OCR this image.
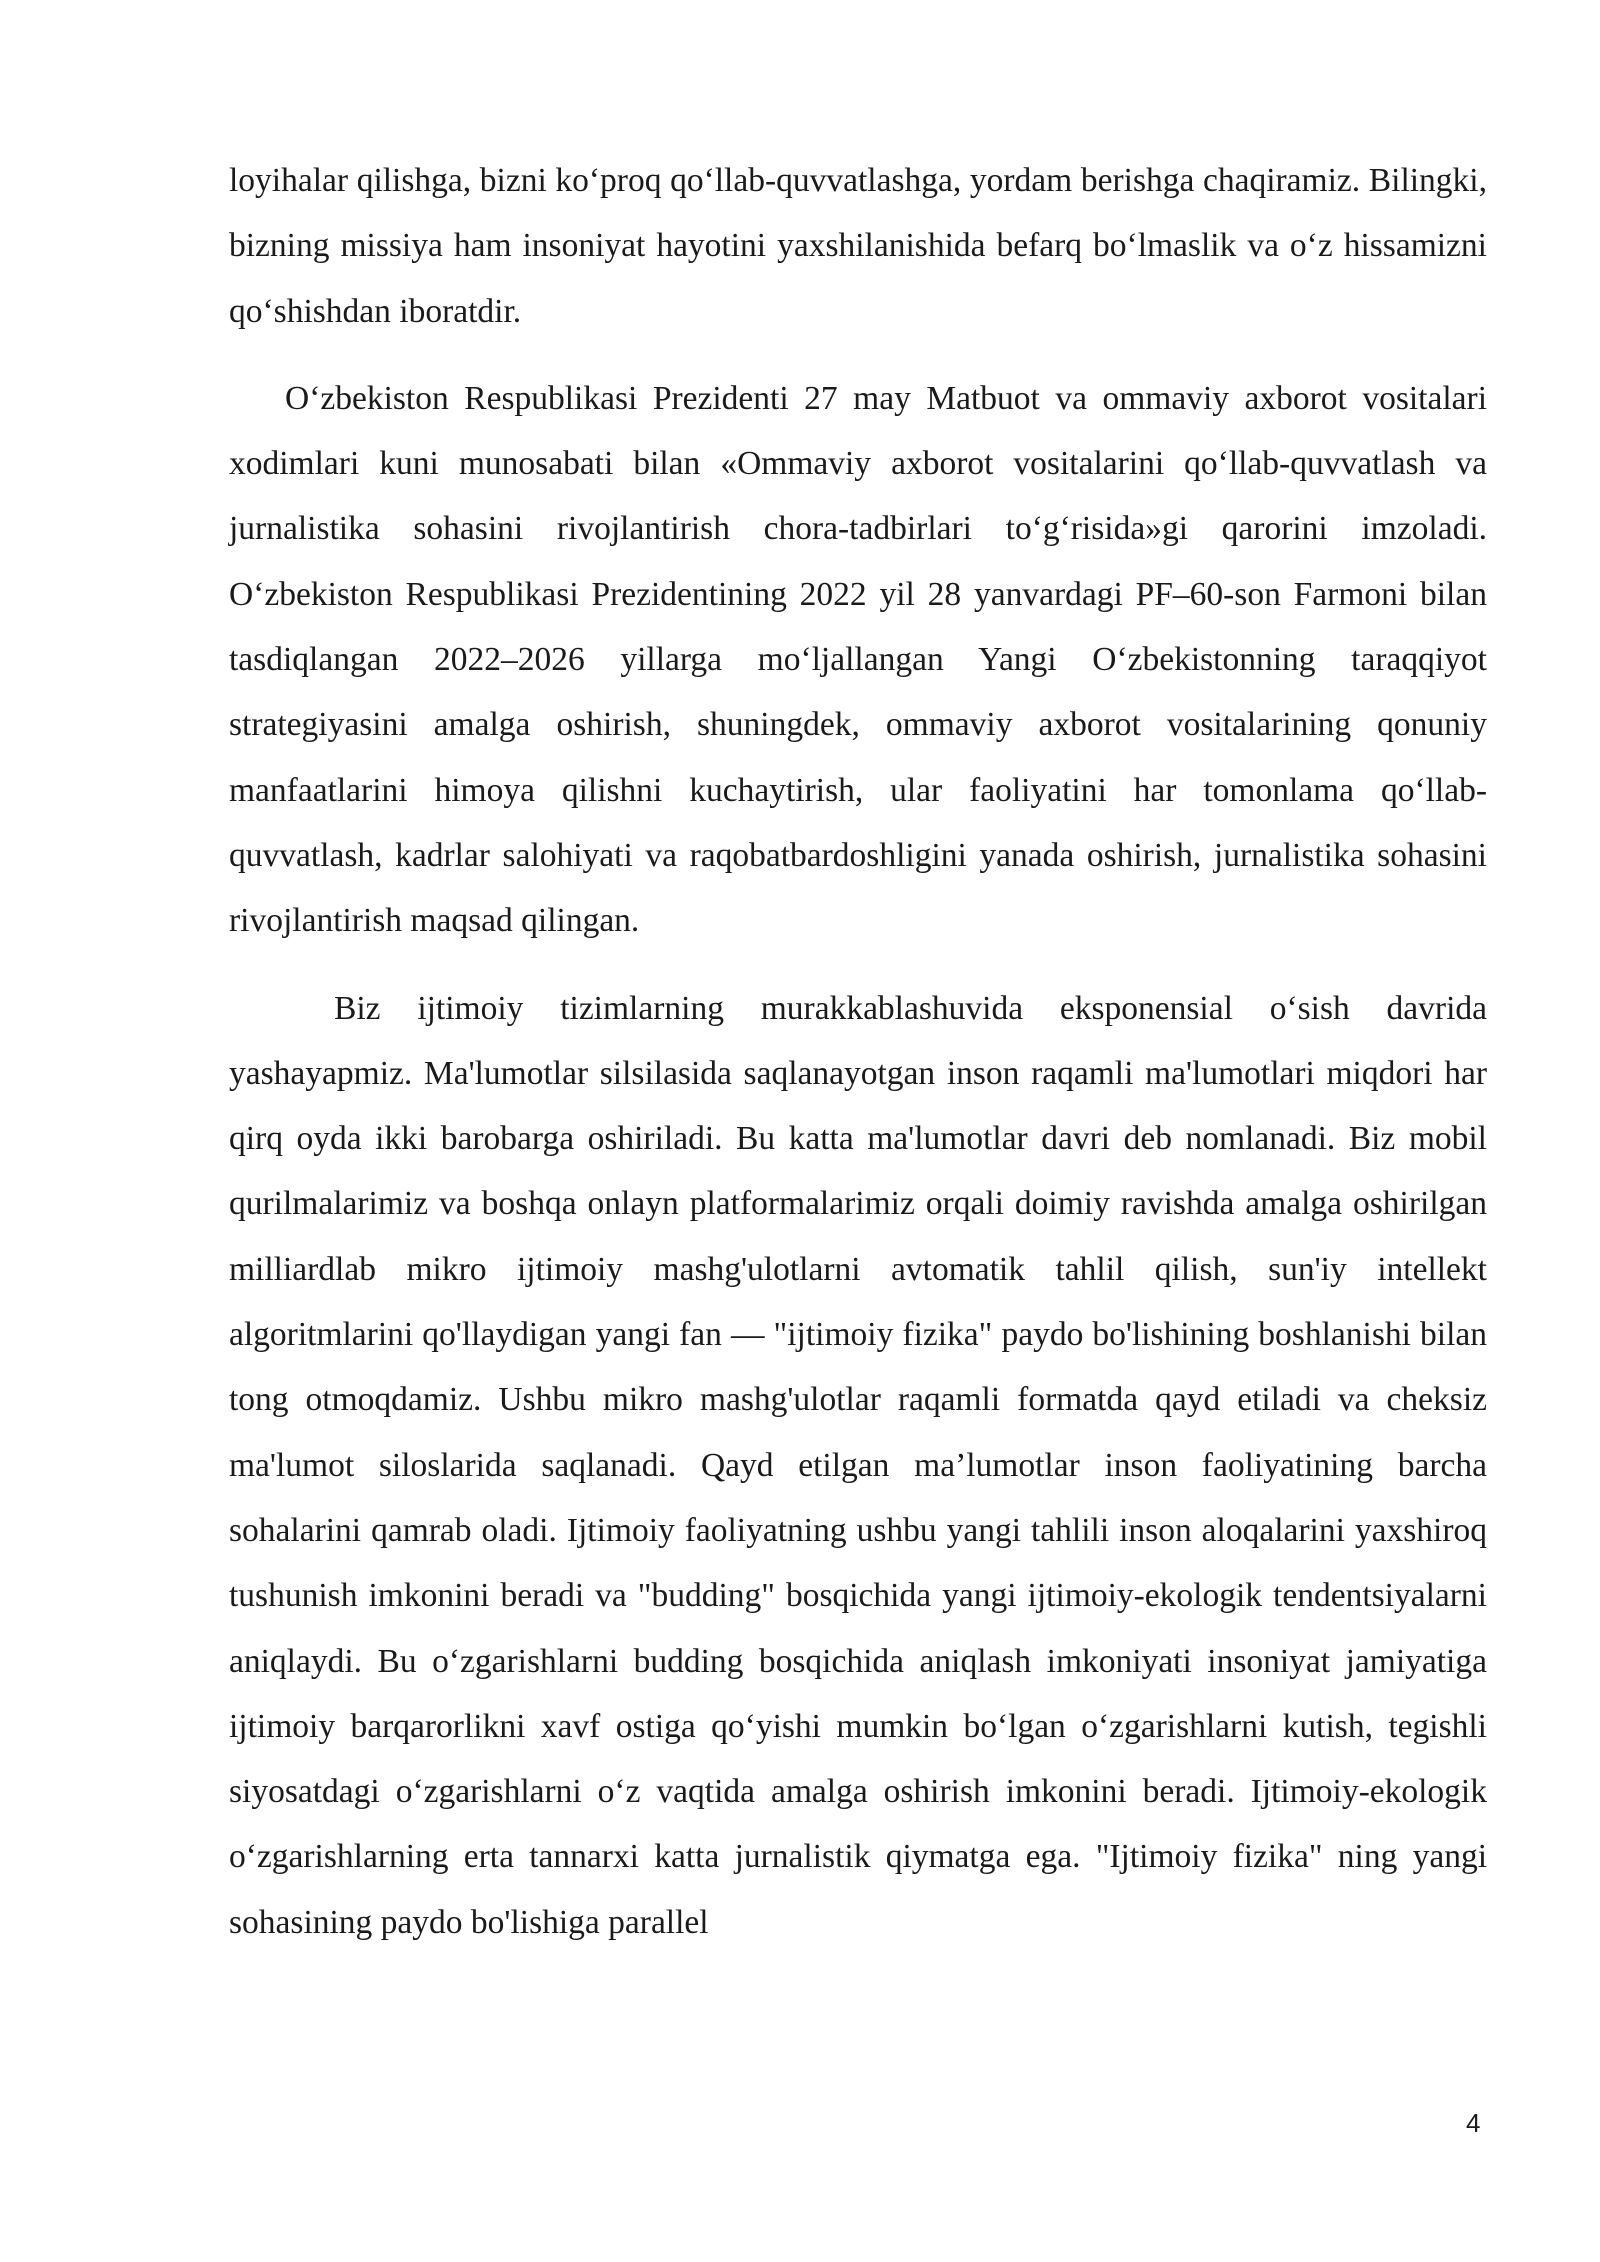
loyihalar qilishga, bizni ko‘proq qo‘llab-quvvatlashga, yordam berishga chaqiramiz. Bilingki, bizning missiya ham insoniyat hayotini yaxshilanishida befarq bo‘lmaslik va o‘z hissamizni qo‘shishdan iboratdir.

O‘zbekiston Respublikasi Prezidenti 27 may Matbuot va ommaviy axborot vositalari xodimlari kuni munosabati bilan «Ommaviy axborot vositalarini qo‘llab-quvvatlash va jurnalistika sohasini rivojlantirish chora-tadbirlari to‘g‘risida»gi qarorini imzoladi. O‘zbekiston Respublikasi Prezidentining 2022 yil 28 yanvardagi PF–60-son Farmoni bilan tasdiqlangan 2022–2026 yillarga mo‘ljallangan Yangi O‘zbekistonning taraqqiyot strategiyasini amalga oshirish, shuningdek, ommaviy axborot vositalarining qonuniy manfaatlarini himoya qilishni kuchaytirish, ular faoliyatini har tomonlama qo‘llab-quvvatlash, kadrlar salohiyati va raqobatbardoshligini yanada oshirish, jurnalistika sohasini rivojlantirish maqsad qilingan.

Biz ijtimoiy tizimlarning murakkablashuvida eksponensial o‘sish davrida yashayapmiz. Ma'lumotlar silsilasida saqlanayotgan inson raqamli ma'lumotlari miqdori har qirq oyda ikki barobarga oshiriladi. Bu katta ma'lumotlar davri deb nomlanadi. Biz mobil qurilmalarimiz va boshqa onlayn platformalarimiz orqali doimiy ravishda amalga oshirilgan milliardlab mikro ijtimoiy mashg'ulotlarni avtomatik tahlil qilish, sun'iy intellekt algoritmlarini qo'llaydigan yangi fan — "ijtimoiy fizika" paydo bo'lishining boshlanishi bilan tong otmoqdamiz. Ushbu mikro mashg'ulotlar raqamli formatda qayd etiladi va cheksiz ma'lumot siloslarida saqlanadi. Qayd etilgan ma’lumotlar inson faoliyatining barcha sohalarini qamrab oladi. Ijtimoiy faoliyatning ushbu yangi tahlili inson aloqalarini yaxshiroq tushunish imkonini beradi va "budding" bosqichida yangi ijtimoiy-ekologik tendentsiyalarni aniqlaydi. Bu o‘zgarishlarni budding bosqichida aniqlash imkoniyati insoniyat jamiyatiga ijtimoiy barqarorlikni xavf ostiga qo‘yishi mumkin bo‘lgan o‘zgarishlarni kutish, tegishli siyosatdagi o‘zgarishlarni o‘z vaqtida amalga oshirish imkonini beradi. Ijtimoiy-ekologik o‘zgarishlarning erta tannarxi katta jurnalistik qiymatga ega. "Ijtimoiy fizika" ning yangi sohasining paydo bo'lishiga parallel

4
